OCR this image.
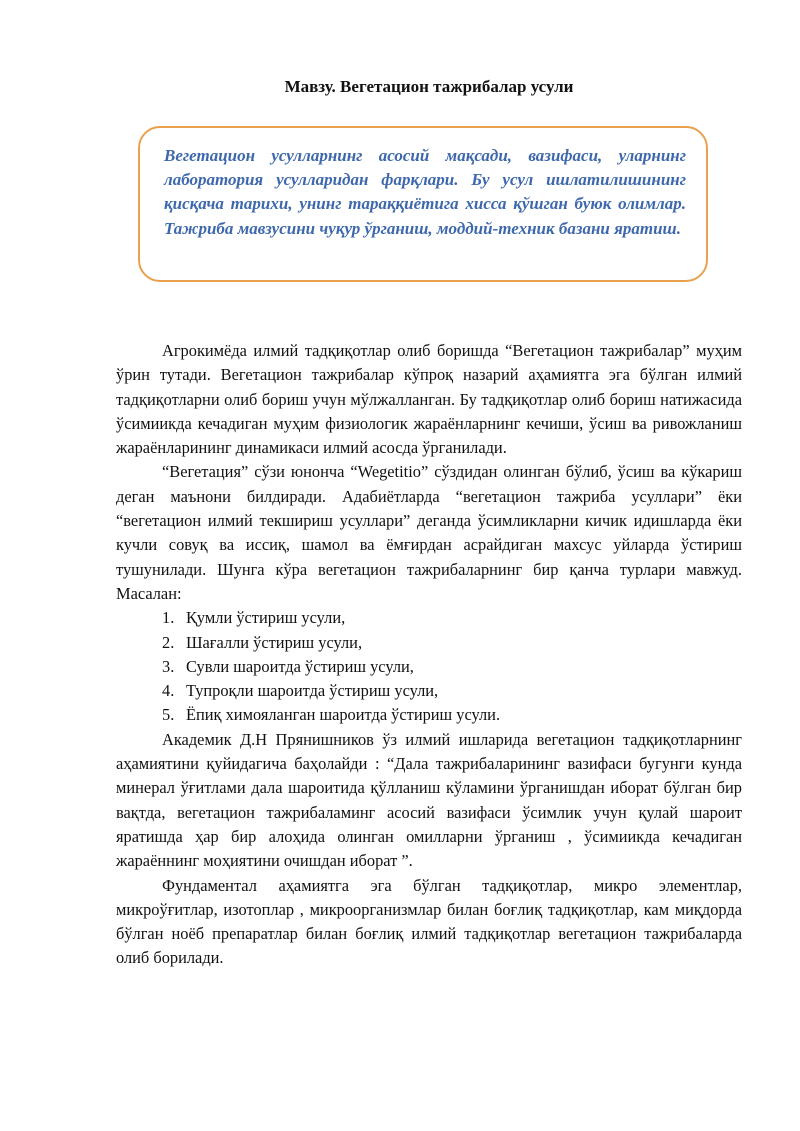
Мавзу. Вегетацион тажрибалар усули

Вегетацион усулларнинг асосий мақсади, вазифаси, уларнинг лаборатория усулларидан фарқлари. Бу усул ишлатилишининг қисқача тарихи, унинг тараққиётига хисса қўшган буюк олимлар. Тажриба мавзусини чуқур ўрганиш, моддий-техник базани яратиш.

Агрокимёда илмий тадқиқотлар олиб боришда “Вегетацион тажрибалар” муҳим ўрин тутади. Вегетацион тажрибалар кўпроқ назарий аҳамиятга эга бўлган илмий тадқиқотларни олиб бориш учун мўлжалланган. Бу тадқиқотлар олиб бориш натижасида ўсимиикда кечадиган муҳим физиологик жараёнларнинг кечиши, ўсиш ва ривожланиш жараёнларининг динамикаси илмий асосда ўрганилади.

“Вегетация” сўзи юнонча “Wegetitio” сўздидан олинган бўлиб, ўсиш ва кўкариш деган маънони билдиради. Адабиётларда “вегетацион тажриба усуллари” ёки “вегетацион илмий текшириш усуллари” деганда ўсимликларни кичик идишларда ёки кучли совуқ ва иссиқ, шамол ва ёмғирдан асрайдиган махсус уйларда ўстириш тушунилади. Шунга кўра вегетацион тажрибаларнинг бир қанча турлари мавжуд. Масалан:

1. Қумли ўстириш усули,
2. Шағалли ўстириш усули,
3. Сувли шароитда ўстириш усули,
4. Тупроқли шароитда ўстириш усули,
5. Ёпиқ химояланган шароитда ўстириш усули.

Академик Д.Н Прянишников ўз илмий ишларида вегетацион тадқиқотларнинг аҳамиятини қуйидагича баҳолайди : “Дала тажрибаларининг вазифаси бугунги кунда минерал ўғитлами дала шароитида қўлланиш кўламини ўрганишдан иборат бўлган бир вақтда, вегетацион тажрибаламинг асосий вазифаси ўсимлик учун қулай шароит яратишда ҳар бир алоҳида олинган омилларни ўрганиш , ўсимиикда кечадиган жараённинг моҳиятини очишдан иборат ”.

Фундаментал аҳамиятга эга бўлган тадқиқотлар, микро элементлар, микроўғитлар, изотоплар , микроорганизмлар билан боғлиқ тадқиқотлар, кам миқдорда бўлган ноёб препаратлар билан боғлиқ илмий тадқиқотлар вегетацион тажрибаларда олиб борилади.
